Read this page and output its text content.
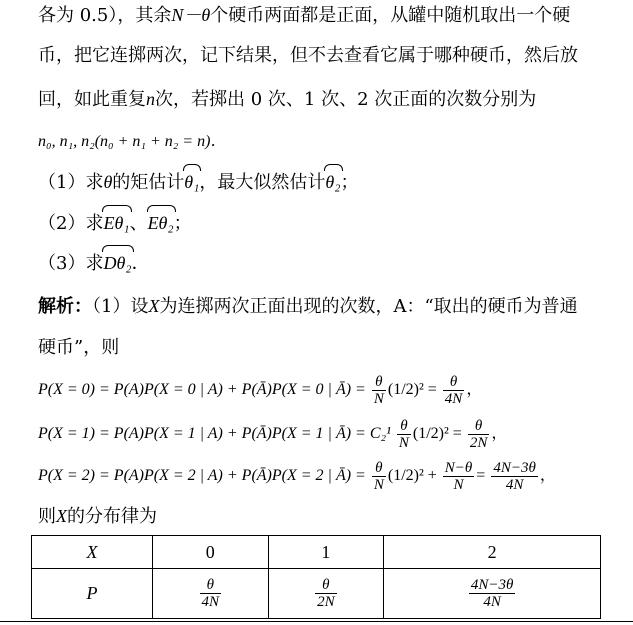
各为 0.5），其余N－θ个硬币两面都是正面，从罐中随机取出一个硬
币，把它连掷两次，记下结果，但不去查看它属于哪种硬币，然后放
回，如此重复n次，若掷出 0 次、1 次、2 次正面的次数分别为
n₀, n₁, n₂(n₀ + n₁ + n₂ = n)．
（1）求θ的矩估计θ₁，最大似然估计θ₂；
（2）求Eθ₁、Eθ₂；
（3）求Dθ₂．
解析：（1）设X为连掷两次正面出现的次数，A：“取出的硬币为普通
硬币”，则
P(X = 0) = P(A)P(X = 0 | A) + P(Ā)P(X = 0 | Ā) = $\frac{\theta}{N} (1/2)^2 = \frac{\theta}{4N}$ ，
P(X = 1) = P(A)P(X = 1 | A) + P(Ā)P(X = 1 | Ā) = $C_2^1 \frac{\theta}{N} (1/2)^2 = \frac{\theta}{2N}$ ，
P(X = 2) = P(A)P(X = 2 | A) + P(Ā)P(X = 2 | Ā) = $\frac{\theta}{N} (1/2)^2 + \frac{N-\theta}{N} = \frac{4N-3\theta}{4N}$ ，
则X的分布律为
X	0	1	2
P	$\frac{\theta}{4N}$	$\frac{\theta}{2N}$	$\frac{4N-3\theta}{4N}$
